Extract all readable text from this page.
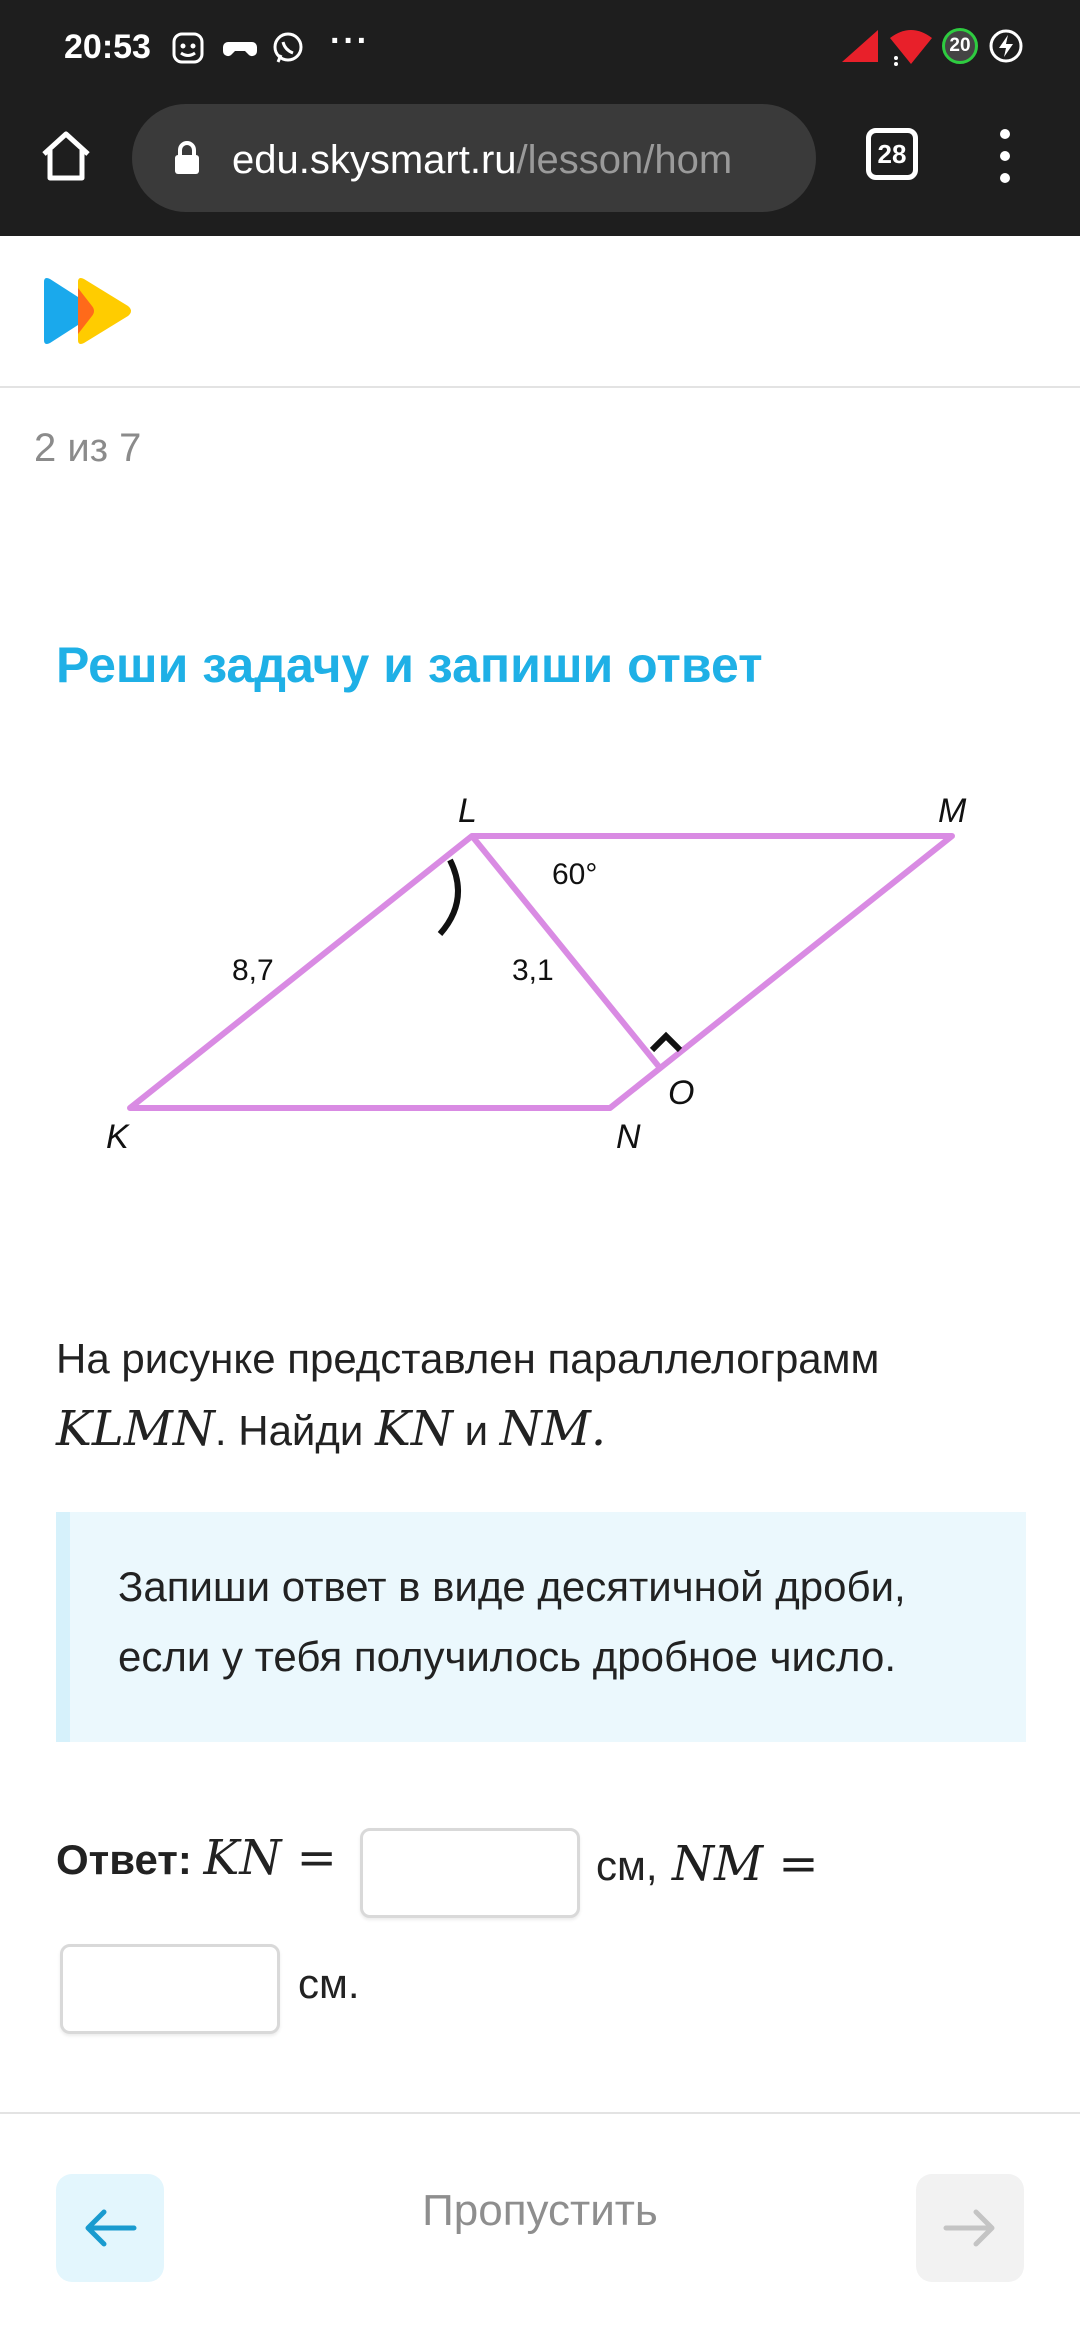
20:53	···	20
edu.skysmart.ru/lesson/hom	28
2 из 7
Реши задачу и запиши ответ
L	M
K	N
O
60°
8,7	3,1
На рисунке представлен параллелограмм
KLMN. Найди KN и NM.
Запиши ответ в виде десятичной дроби, если у тебя получилось дробное число.
Ответ: KN =	см, NM =
см.
Пропустить
